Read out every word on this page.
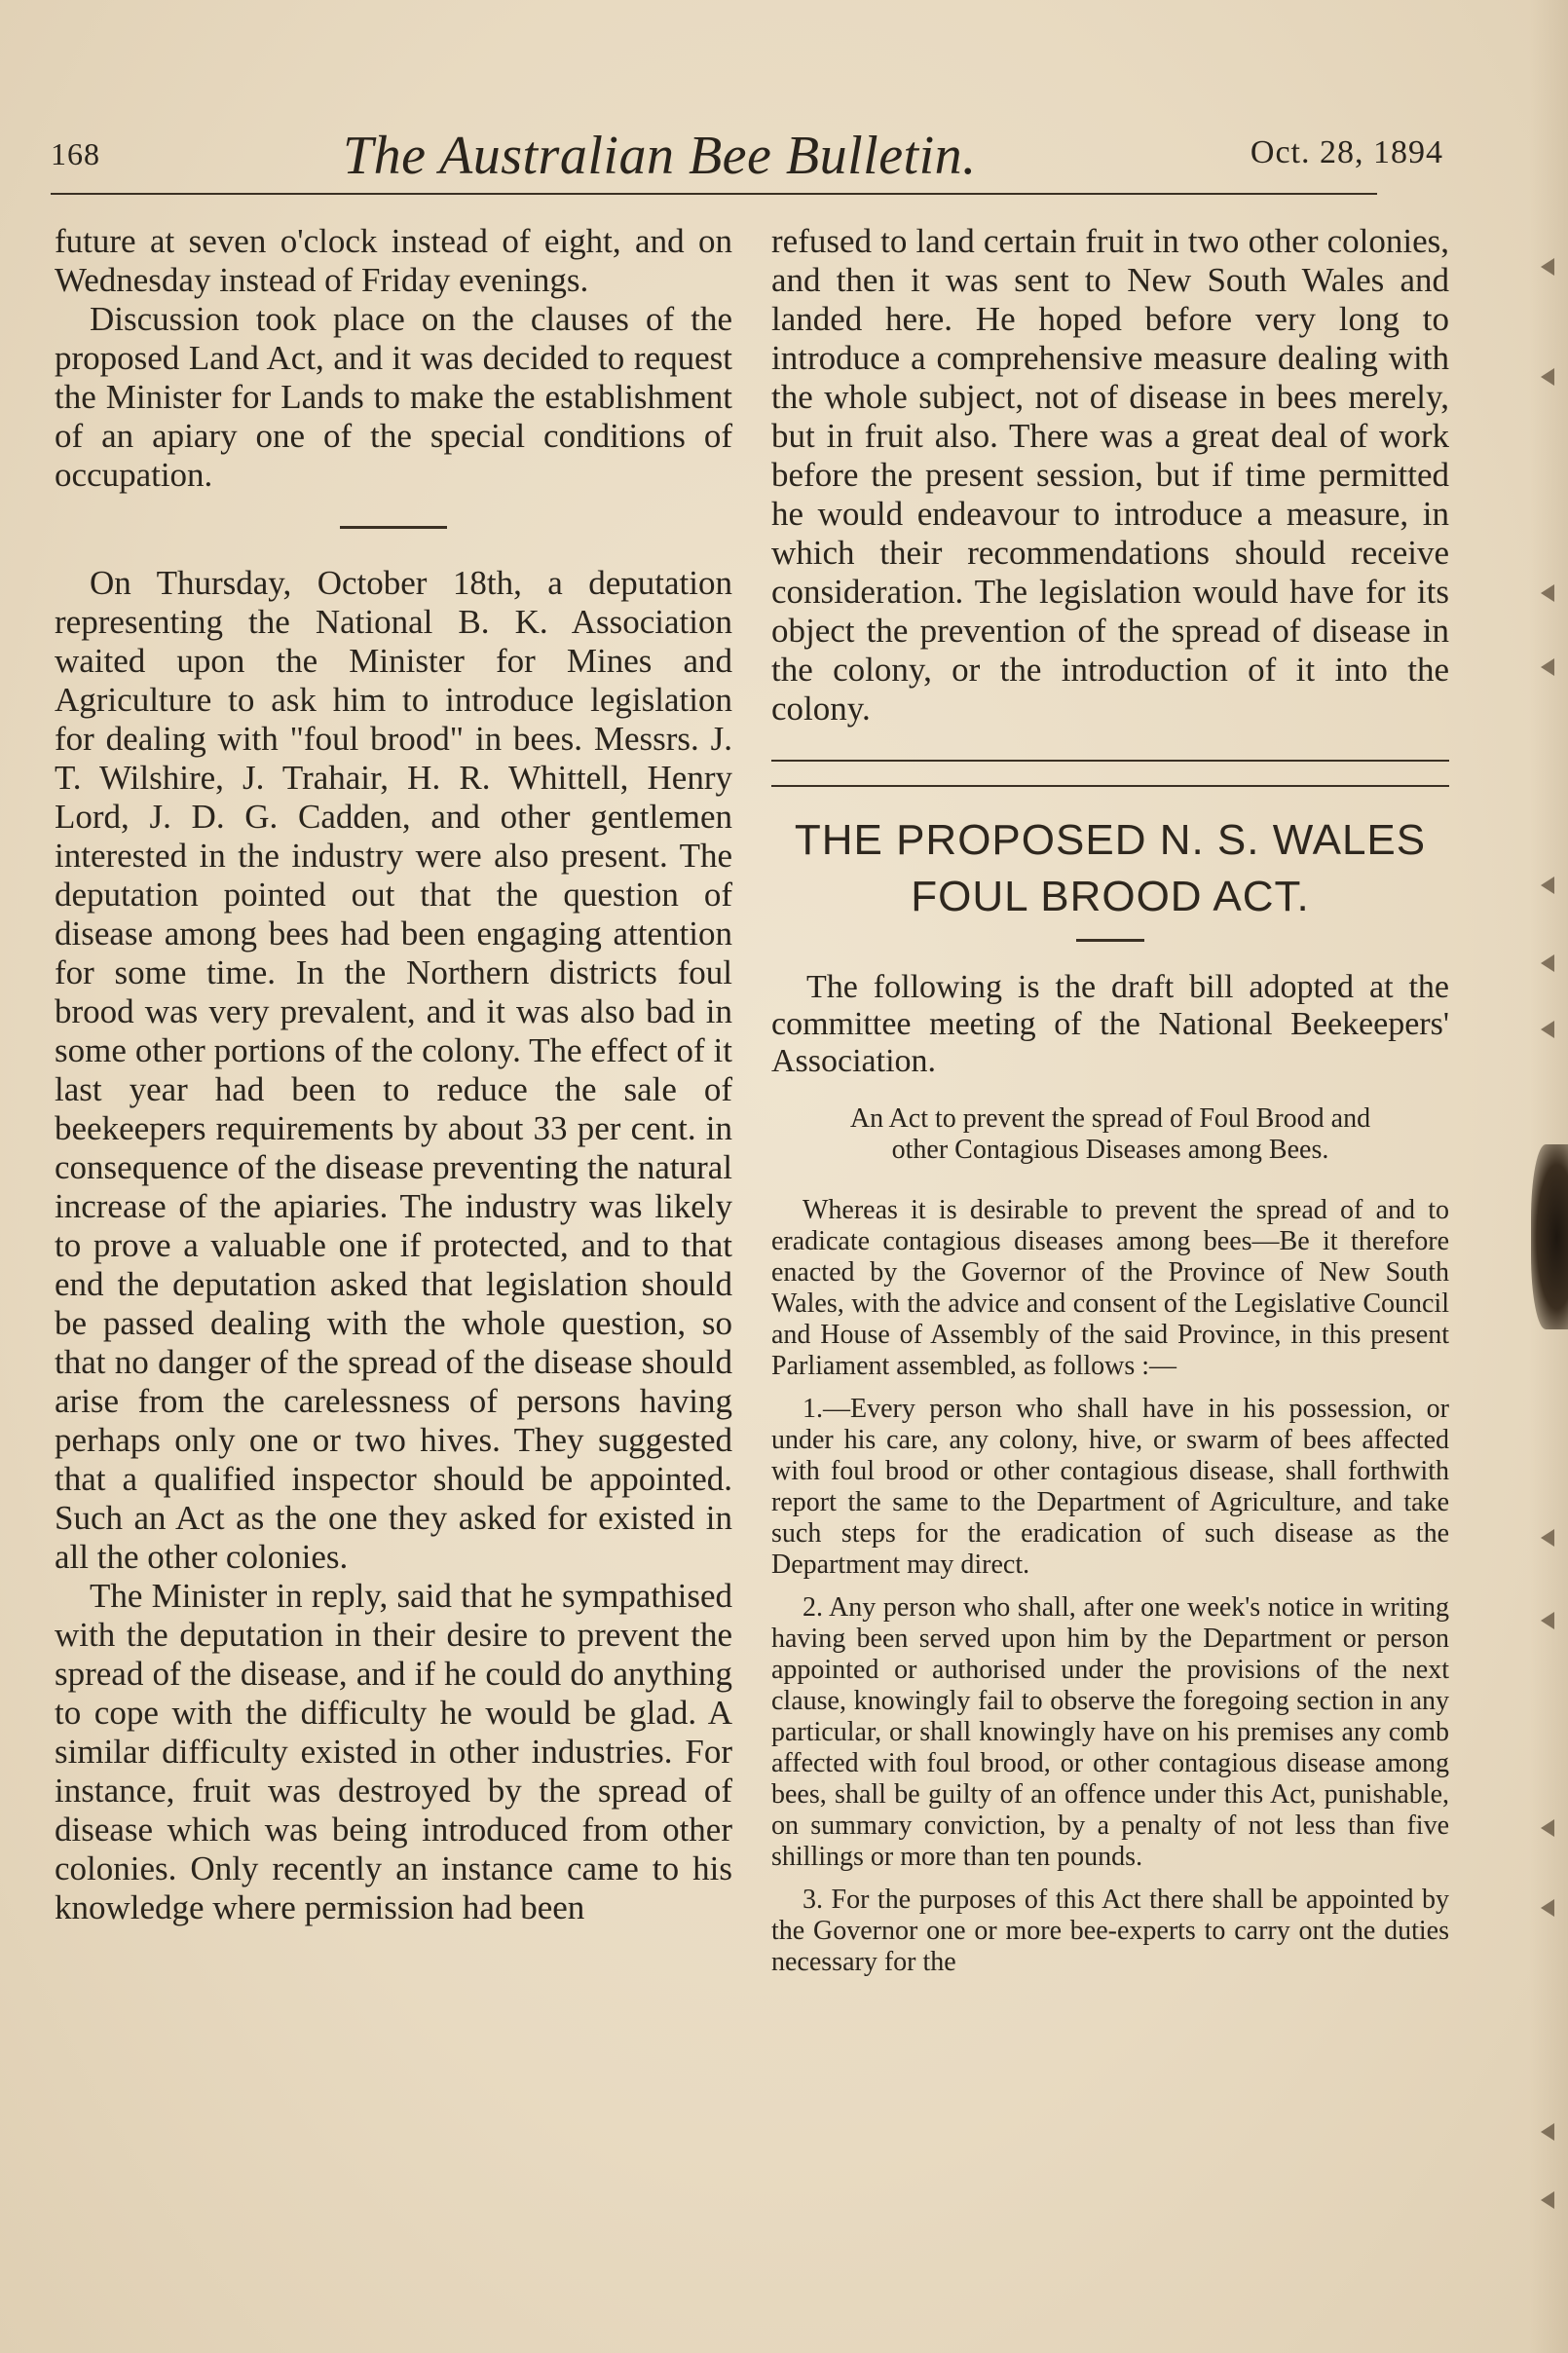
168	The Australian Bee Bulletin.	Oct. 28, 1894

future at seven o'clock instead of eight, and on Wednesday instead of Friday evenings.

Discussion took place on the clauses of the proposed Land Act, and it was decided to request the Minister for Lands to make the establishment of an apiary one of the special conditions of occupation.

On Thursday, October 18th, a deputation representing the National B. K. Association waited upon the Minister for Mines and Agriculture to ask him to introduce legislation for dealing with "foul brood" in bees. Messrs. J. T. Wilshire, J. Trahair, H. R. Whittell, Henry Lord, J. D. G. Cadden, and other gentlemen interested in the industry were also present. The deputation pointed out that the question of disease among bees had been engaging attention for some time. In the Northern districts foul brood was very prevalent, and it was also bad in some other portions of the colony. The effect of it last year had been to reduce the sale of beekeepers requirements by about 33 per cent. in consequence of the disease preventing the natural increase of the apiaries. The industry was likely to prove a valuable one if protected, and to that end the deputation asked that legislation should be passed dealing with the whole question, so that no danger of the spread of the disease should arise from the carelessness of persons having perhaps only one or two hives. They suggested that a qualified inspector should be appointed. Such an Act as the one they asked for existed in all the other colonies.

The Minister in reply, said that he sympathised with the deputation in their desire to prevent the spread of the disease, and if he could do anything to cope with the difficulty he would be glad. A similar difficulty existed in other industries. For instance, fruit was destroyed by the spread of disease which was being introduced from other colonies. Only recently an instance came to his knowledge where permission had been

refused to land certain fruit in two other colonies, and then it was sent to New South Wales and landed here. He hoped before very long to introduce a comprehensive measure dealing with the whole subject, not of disease in bees merely, but in fruit also. There was a great deal of work before the present session, but if time permitted he would endeavour to introduce a measure, in which their recommendations should receive consideration. The legislation would have for its object the prevention of the spread of disease in the colony, or the introduction of it into the colony.

THE PROPOSED N. S. WALES
FOUL BROOD ACT.

The following is the draft bill adopted at the committee meeting of the National Beekeepers' Association.

An Act to prevent the spread of Foul Brood and
other Contagious Diseases among Bees.

Whereas it is desirable to prevent the spread of and to eradicate contagious diseases among bees—Be it therefore enacted by the Governor of the Province of New South Wales, with the advice and consent of the Legislative Council and House of Assembly of the said Province, in this present Parliament assembled, as follows :—

1.—Every person who shall have in his possession, or under his care, any colony, hive, or swarm of bees affected with foul brood or other contagious disease, shall forthwith report the same to the Department of Agriculture, and take such steps for the eradication of such disease as the Department may direct.

2. Any person who shall, after one week's notice in writing having been served upon him by the Department or person appointed or authorised under the provisions of the next clause, knowingly fail to observe the foregoing section in any particular, or shall knowingly have on his premises any comb affected with foul brood, or other contagious disease among bees, shall be guilty of an offence under this Act, punishable, on summary conviction, by a penalty of not less than five shillings or more than ten pounds.

3. For the purposes of this Act there shall be appointed by the Governor one or more bee-experts to carry ont the duties necessary for the
